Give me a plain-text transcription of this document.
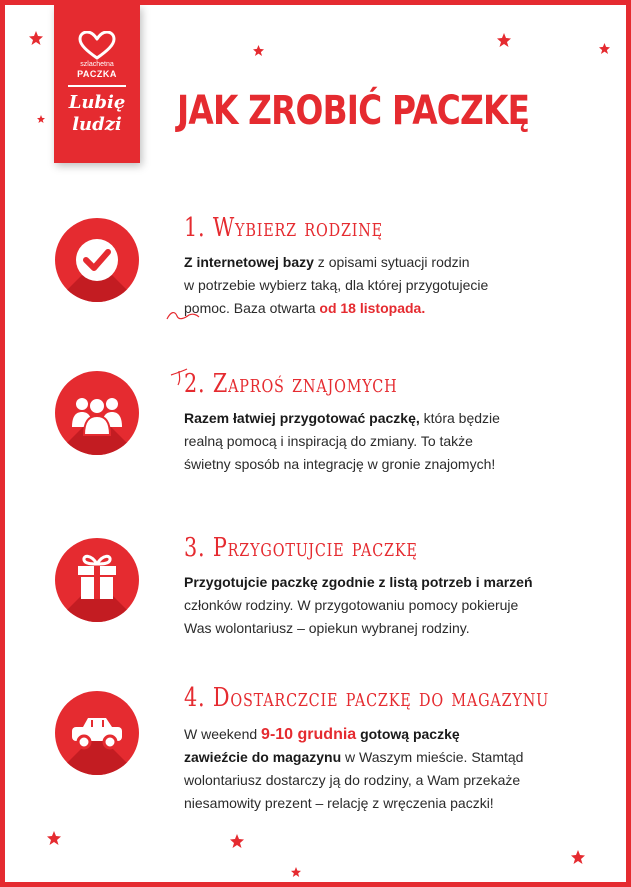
szlachetna
PACZKA
Lubię
ludzi	JAK ZROBIĆ PACZKĘ
1. Wybierz rodzinę

Z internetowej bazy z opisami sytuacji rodzin
w potrzebie wybierz taką, dla której przygotujecie
pomoc. Baza otwarta od 18 listopada.

2. Zaproś znajomych

Razem łatwiej przygotować paczkę, która będzie
realną pomocą i inspiracją do zmiany. To także
świetny sposób na integrację w gronie znajomych!

3. Przygotujcie paczkę

Przygotujcie paczkę zgodnie z listą potrzeb i marzeń
członków rodziny. W przygotowaniu pomocy pokieruje
Was wolontariusz – opiekun wybranej rodziny.

4. Dostarczcie paczkę do magazynu

W weekend 9-10 grudnia gotową paczkę
zawieźcie do magazynu w Waszym mieście. Stamtąd
wolontariusz dostarczy ją do rodziny, a Wam przekaże
niesamowity prezent – relację z wręczenia paczki!
